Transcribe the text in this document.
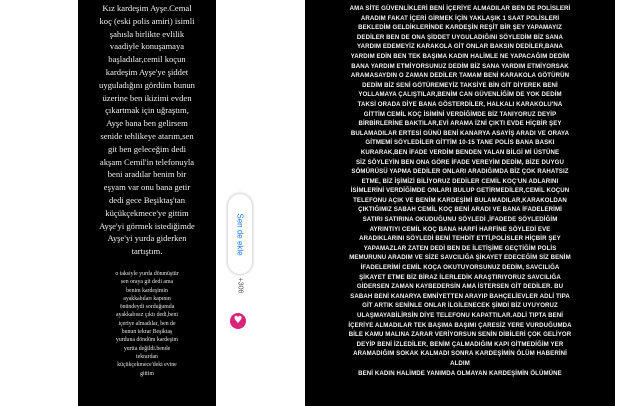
Kız kardeşim Ayşe.Cemal
koç (eski polis amiri) isimli
şahısla birlikte evlilik
vaadiyle konuşamaya
başladılar,cemil koçun
kardeşim Ayşe'ye şiddet
uyguladığını gördüm bunun
üzerine ben ikizimi evden
çıkartmak için uğraştım,
Ayşe bana ben gelirsem
senide tehlikeye atarım,sen
git ben geleceğim dedi
akşam Cemil'in telefonuyla
beni aradılar benim bir
eşyam var onu bana getir
dedi gece Beşiktaş'tan
küçükçekmece'ye gittim
Ayşe'yi görmek istediğimde
Ayşe'yi yurda giderken
tartıştım.

o taksiyle yurda dönmüştür
sen oraya git dedi ama
benim kardeşimin
ayakkabıları kapının
önündeydi sorduğumda
ayakkabısız çıktı dedi,beni
içeriye almadılar, ben de
bunun tekrar Beşiktaş
yurduna döndüm kardeşim
yurtta değildi.bende
tekrardan
küçükçekmece'deki evine
gittim

Sen de ekle
+306
♥

AMA SİTE GÜVENLİKLERİ BENİ İÇERİYE ALMADILAR BEN DE POLİSLERİ
ARADIM FAKAT İÇERİ GİRMEK İÇİN YAKLAŞIK 1 SAAT POLİSLERİ
BEKLEDİM GELDİKLERİNDE KARDEŞİN REŞİT BİR ŞEY YAPAMAYIZ
DEDİLER BEN DE ONA ŞİDDET UYGULADIĞINI SÖYLEDİM BİZ SANA
YARDIM EDEMEYİZ KARAKOLA GİT ONLAR BAKSIN DEDİLER,BANA
YARDIM EDİN BEN TEK BAŞIMA KADIN HALİMLE NE YAPACAĞIM DEDİM
BANA YARDIM ETMİYORSUNUZ DEDİM BİZ SANA YARDIM ETMİYORSAK
ARAMASAYDIN O ZAMAN DEDİLER TAMAM BENİ KARAKOLA GÖTÜRÜN
DEDİM BİZ SENİ GÖTÜREMEYİZ TAKSİYE BİN GİT DİYEREK BENİ
YOLLAMAYA ÇALIŞTILAR,BENİM CAN GÜVENLİĞİM DE YOK DEDİM
TAKSİ ORADA DİYE BANA GÖSTERDİLER, HALKALI KARAKOLU'NA
GİTTİM CEMİL KOÇ İSİMİNİ VERDİĞİMDE BİZ TANIYORUZ DEYİP
BİRBİRLERİNE BAKTILAR,EVİ ARAMA İZNİ ÇIKTI EVDE HİÇBİR ŞEY
BULAMADILAR ERTESİ GÜNÜ BENİ KANARYA ASAYİŞ ARADI VE ORAYA
GİTMEMİ SÖYLEDİLER GİTTİM 10-15 TANE POLİS BANA BASKI
KURARAK,BEN İFADE VERDİM BENDEN YALAN BİLGİ Mİ ÜSTÜNE
SİZ SÖYLEYİN BEN ONA GÖRE İFADE VEREYİM DEDİM, BİZE DUYGU
SÖMÜRÜSÜ YAPMA DEDİLER ONLARI ARADIĞIMDA BİZ ÇOK RAHATSIZ
ETME, BİZ İŞİMİZİ BİLİYORUZ DEDİLER CEMİL KOÇ'UN ADLARINI
İSİMLERİNİ VERDİĞİMDE ONLARI BULUP GETİRMEDİLER,CEMİL KOÇUN
TELEFONU AÇIK VE BENİM KARDEŞİMİ BULAMADILAR,KARAKOLDAN
ÇIKTIĞIMIZ SABAH CEMİL KOÇ BENİ ARADI VE BANA İFADELERİMİ
SATIRI SATIRINA OKUDUĞUNU SÖYLEDİ ,İFADEDE SÖYLEDİĞİM
AYRINTIYI CEMİL KOÇ BANA HARFİ HARFİNE SÖYLEDİ EVE
ARADIKLARINI SÖYLEDİ BENİ TEHDİT ETTİ,POLİSLER HİÇBİR ŞEY
YAPAMAZLAR ZATEN DEDİ BEN DE İLETİŞİME GEÇTİĞİM POLİS
MEMURUNU ARADIM VE SİZE SAVCILIĞA ŞİKAYET EDECEĞİM SİZ BENİM
İFADELERİMİ CEMİL KOÇA OKUTUYORSUNUZ DEDİM, SAVCILIĞA
ŞİKAYET ETME BİZ BİRAZ İLERLEDİK ARAŞTIRIYORUZ SAVCILIĞA
GİDERSEN ZAMAN KAYBEDERSİN AMA İSTERSEN GİT DEDİLER. BU
SABAH BENİ KANARYA EMNİYETTEN ARAYIP BAHÇELİEVLER ADLİ TIPA
GİT ARTIK SENİNLE ONLAR İLGİLENECEK ŞİMDİ BİZ UYUYORUZ
ULAŞMAYABİLİRSİN DİYE TELEFONU KAPATTILAR.ADLİ TIPTA BENİ
İÇERİYE ALMADILAR TEK BAŞIMA BAŞIMI ÇARESİZ YERE VURDUĞUMDA
BİLE KAMU MALINA ZARAR VERİYORSUN SENİN DİBİLERİ ÇOK GELİYOR
DEYİP BENİ İZLEDİLER, BENİM ÇALMADIĞIM KAPI GİTMEDİĞİM YER
ARAMADIĞIM SOKAK KALMADI SONRA KARDEŞİMİN ÖLÜM HABERİNİ
ALDIM
BENİ KADIN HALİMDE YANIMDA OLMAYAN KARDEŞİMİN ÖLÜMÜNE
